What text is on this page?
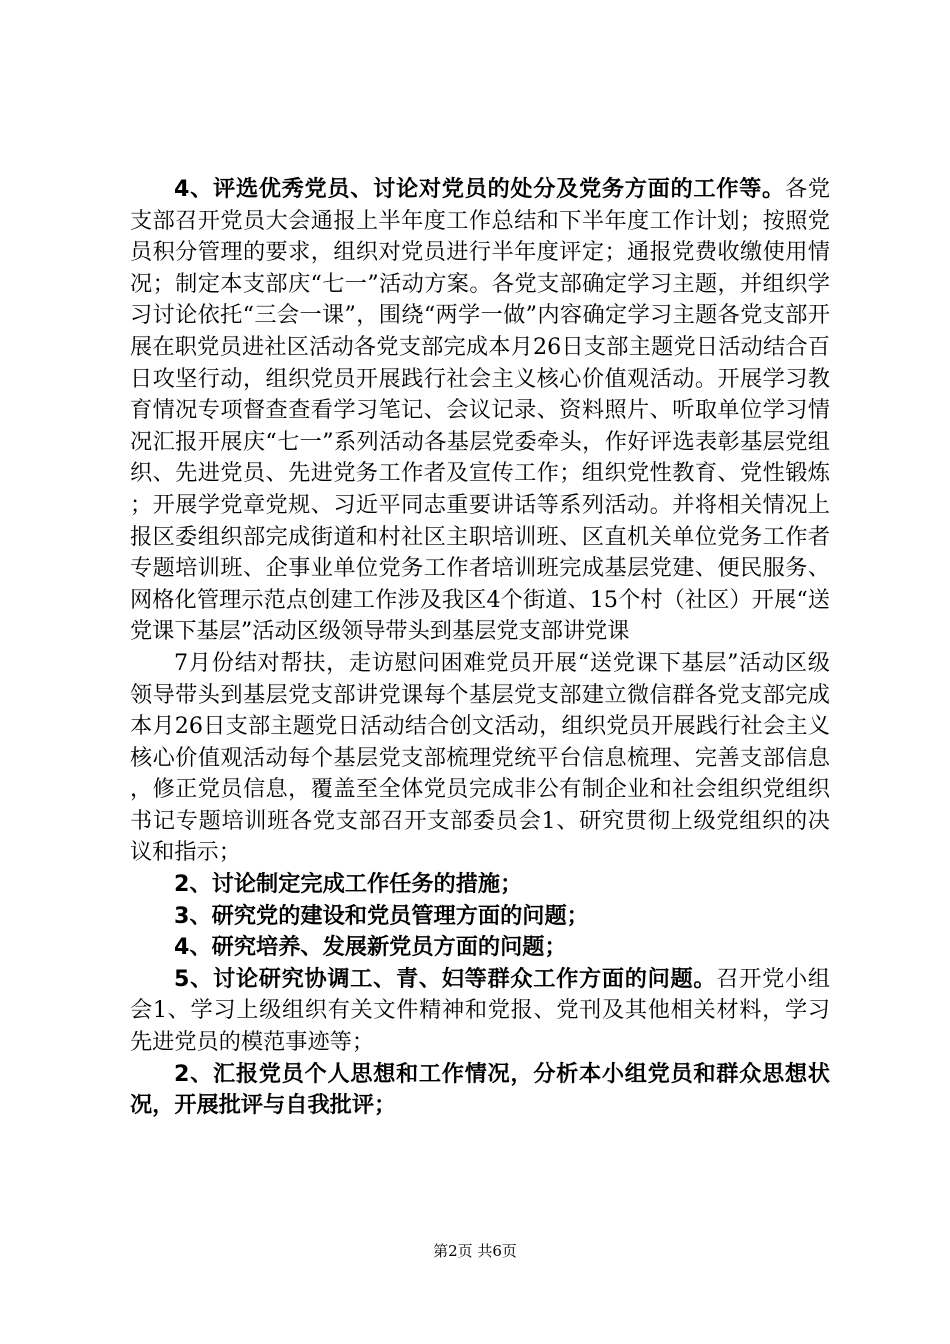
4、评选优秀党员、讨论对党员的处分及党务方面的工作等。各党支部召开党员大会通报上半年度工作总结和下半年度工作计划；按照党员积分管理的要求，组织对党员进行半年度评定；通报党费收缴使用情况；制定本支部庆“七一”活动方案。各党支部确定学习主题，并组织学习讨论依托“三会一课”，围绕“两学一做”内容确定学习主题各党支部开展在职党员进社区活动各党支部完成本月26日支部主题党日活动结合百日攻坚行动，组织党员开展践行社会主义核心价值观活动。开展学习教育情况专项督查查看学习笔记、会议记录、资料照片、听取单位学习情况汇报开展庆“七一”系列活动各基层党委牵头，作好评选表彰基层党组织、先进党员、先进党务工作者及宣传工作；组织党性教育、党性锻炼；开展学党章党规、习近平同志重要讲话等系列活动。并将相关情况上报区委组织部完成街道和村社区主职培训班、区直机关单位党务工作者专题培训班、企事业单位党务工作者培训班完成基层党建、便民服务、网格化管理示范点创建工作涉及我区4个街道、15个村（社区）开展“送党课下基层”活动区级领导带头到基层党支部讲党课

7月份结对帮扶，走访慰问困难党员开展“送党课下基层”活动区级领导带头到基层党支部讲党课每个基层党支部建立微信群各党支部完成本月26日支部主题党日活动结合创文活动，组织党员开展践行社会主义核心价值观活动每个基层党支部梳理党统平台信息梳理、完善支部信息，修正党员信息，覆盖至全体党员完成非公有制企业和社会组织党组织书记专题培训班各党支部召开支部委员会1、研究贯彻上级党组织的决议和指示；

2、讨论制定完成工作任务的措施；

3、研究党的建设和党员管理方面的问题；

4、研究培养、发展新党员方面的问题；

5、讨论研究协调工、青、妇等群众工作方面的问题。召开党小组会1、学习上级组织有关文件精神和党报、党刊及其他相关材料，学习先进党员的模范事迹等；

2、汇报党员个人思想和工作情况，分析本小组党员和群众思想状况，开展批评与自我批评；

第2页 共6页
